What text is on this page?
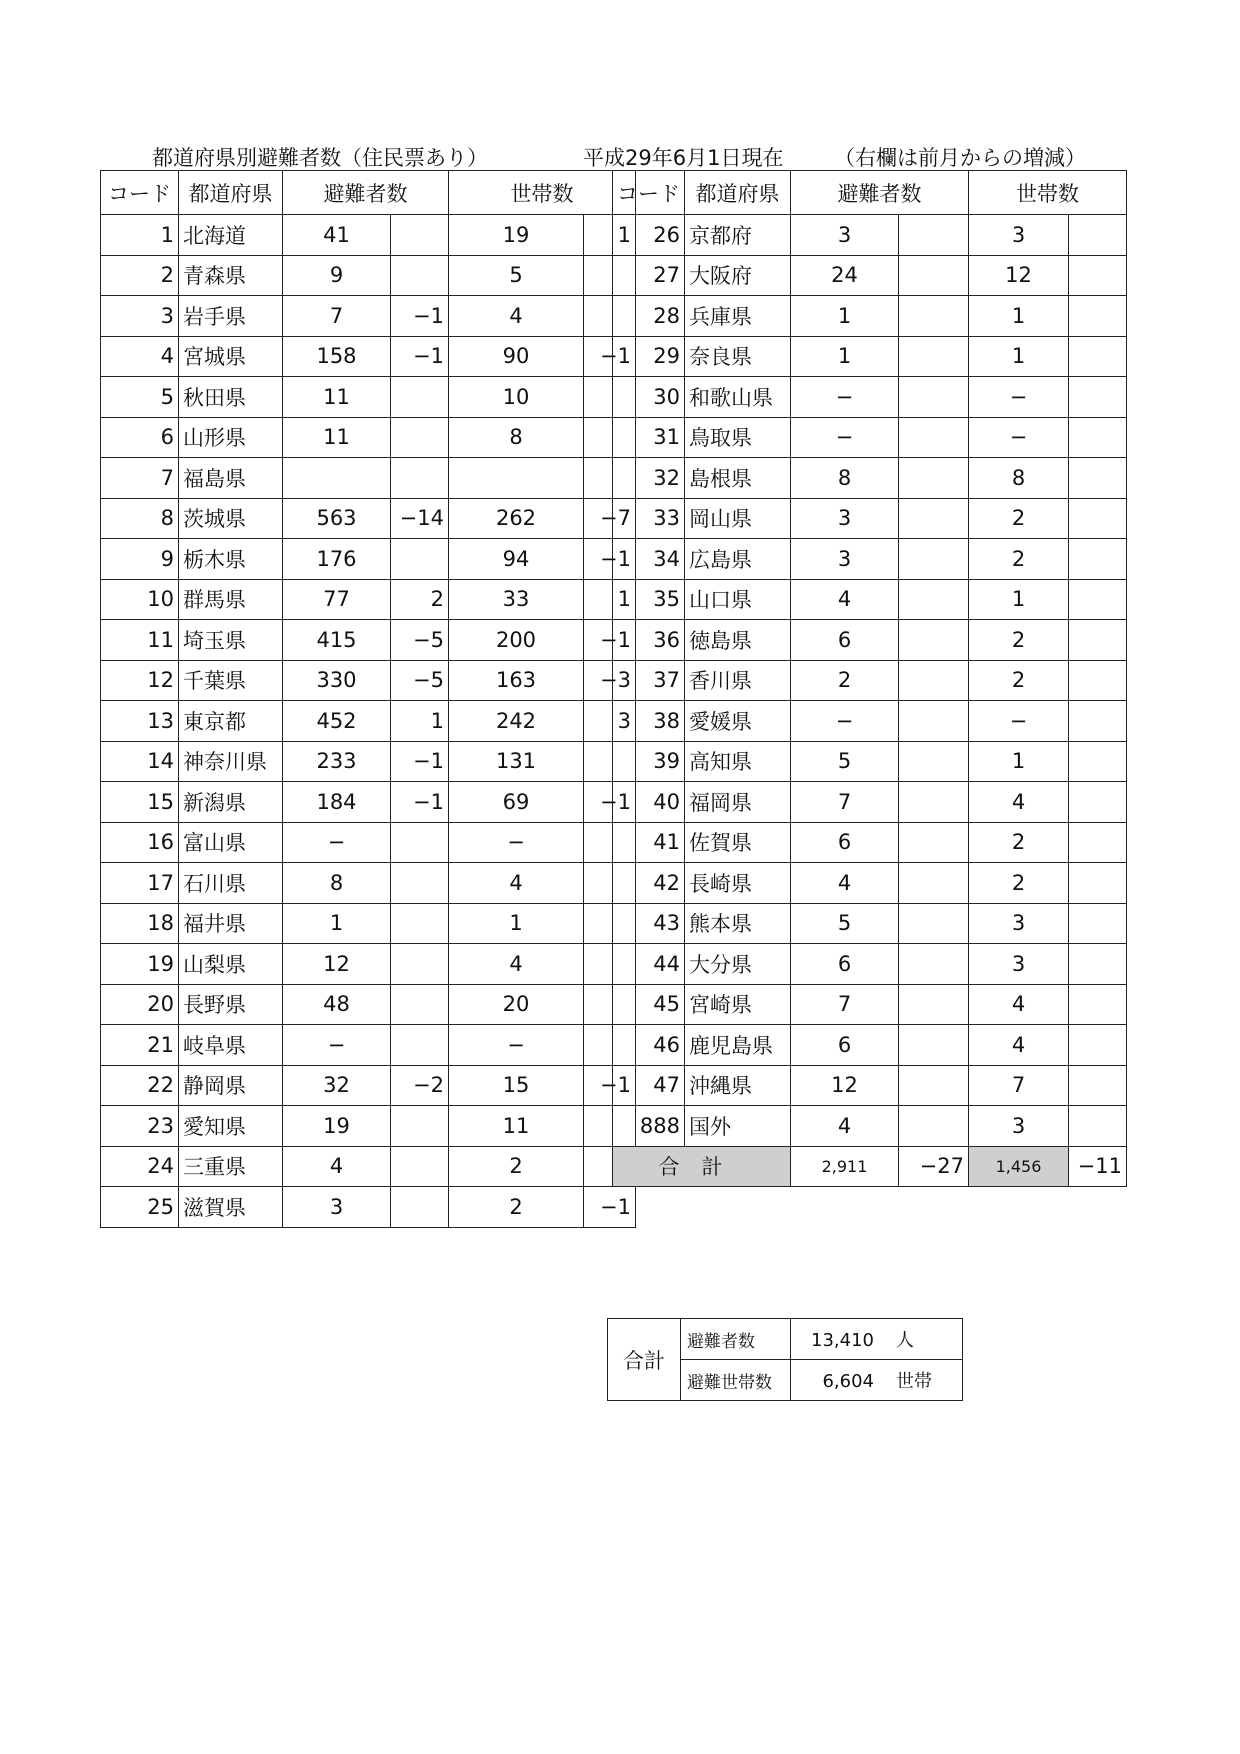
都道府県別避難者数（住民票あり）	平成29年6月1日現在 （右欄は前月からの増減）
コード	都道府県	避難者数		世帯数	
1	北海道	41		19	1
2	青森県	9		5	
3	岩手県	7	−1	4	
4	宮城県	158	−1	90	−1
5	秋田県	11		10	
6	山形県	11		8	
7	福島県				
8	茨城県	563	−14	262	−7
9	栃木県	176		94	−1
10	群馬県	77	2	33	1
11	埼玉県	415	−5	200	−1
12	千葉県	330	−5	163	−3
13	東京都	452	1	242	3
14	神奈川県	233	−1	131	
15	新潟県	184	−1	69	−1
16	富山県	−		−	
17	石川県	8		4	
18	福井県	1		1	
19	山梨県	12		4	
20	長野県	48		20	
21	岐阜県	−		−	
22	静岡県	32	−2	15	−1
23	愛知県	19		11	
24	三重県	4		2	
25	滋賀県	3		2	−1
コード	都道府県	避難者数		世帯数	
26	京都府	3		3	
27	大阪府	24		12	
28	兵庫県	1		1	
29	奈良県	1		1	
30	和歌山県	−		−	
31	鳥取県	−		−	
32	島根県	8		8	
33	岡山県	3		2	
34	広島県	3		2	
35	山口県	4		1	
36	徳島県	6		2	
37	香川県	2		2	
38	愛媛県	−		−	
39	高知県	5		1	
40	福岡県	7		4	
41	佐賀県	6		2	
42	長崎県	4		2	
43	熊本県	5		3	
44	大分県	6		3	
45	宮崎県	7		4	
46	鹿児島県	6		4	
47	沖縄県	12		7	
888	国外	4		3	
合計		2,911	−27	1,456	−11
合計	避難者数	13,410 人
	避難世帯数	6,604 世帯
